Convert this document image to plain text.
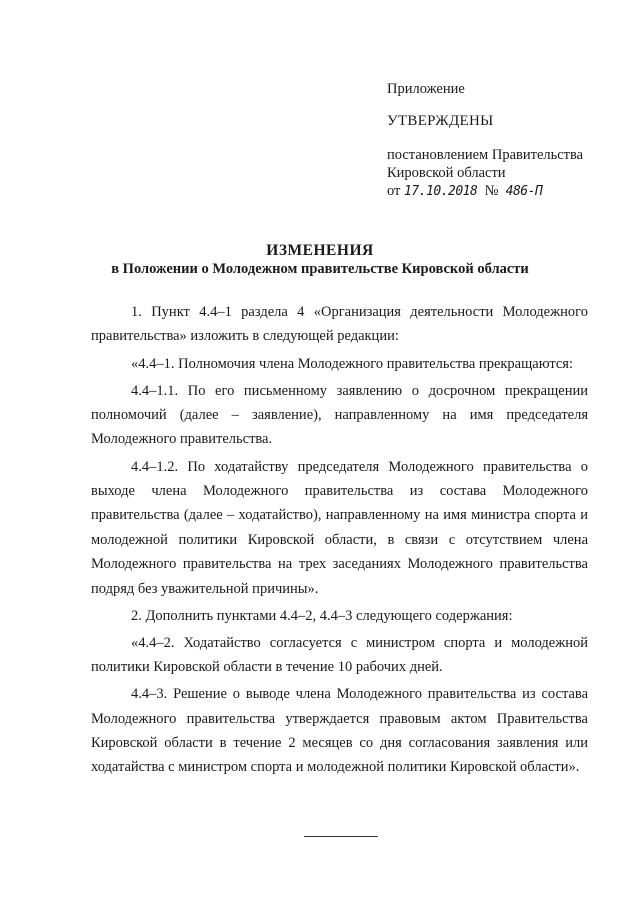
Приложение
УТВЕРЖДЕНЫ
постановлением Правительства
Кировской области
от 17.10.2018 № 486-П
ИЗМЕНЕНИЯ
в Положении о Молодежном правительстве Кировской области

1. Пункт 4.4–1 раздела 4 «Организация деятельности Молодежного правительства» изложить в следующей редакции:

«4.4–1. Полномочия члена Молодежного правительства прекращаются:

4.4–1.1. По его письменному заявлению о досрочном прекращении полномочий (далее – заявление), направленному на имя председателя Молодежного правительства.

4.4–1.2. По ходатайству председателя Молодежного правительства о выходе члена Молодежного правительства из состава Молодежного правительства (далее – ходатайство), направленному на имя министра спорта и молодежной политики Кировской области, в связи с отсутствием члена Молодежного правительства на трех заседаниях Молодежного правительства подряд без уважительной причины».

2. Дополнить пунктами 4.4–2, 4.4–3 следующего содержания:

«4.4–2. Ходатайство согласуется с министром спорта и молодежной политики Кировской области в течение 10 рабочих дней.

4.4–3. Решение о выводе члена Молодежного правительства из состава Молодежного правительства утверждается правовым актом Правительства Кировской области в течение 2 месяцев со дня согласования заявления или ходатайства с министром спорта и молодежной политики Кировской области».
